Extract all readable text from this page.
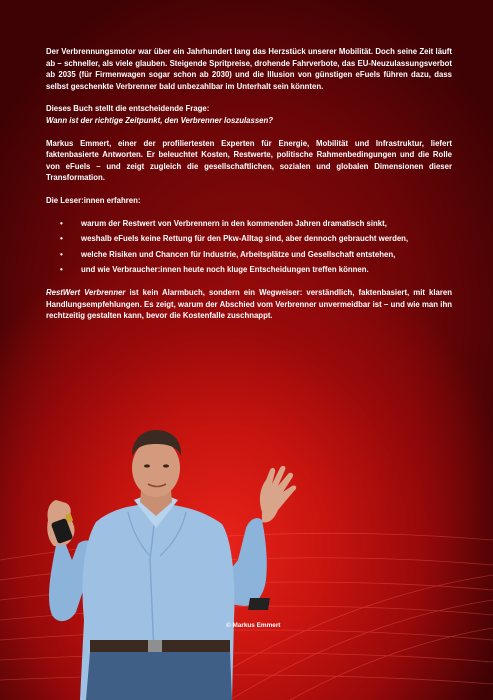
Der Verbrennungsmotor war über ein Jahrhundert lang das Herzstück unserer Mobilität. Doch seine Zeit läuft ab – schneller, als viele glauben. Steigende Spritpreise, drohende Fahrverbote, das EU-Neuzulassungsverbot ab 2035 (für Firmenwagen sogar schon ab 2030) und die Illusion von günstigen eFuels führen dazu, dass selbst geschenkte Verbrenner bald unbezahlbar im Unterhalt sein könnten.

Dieses Buch stellt die entscheidende Frage:
Wann ist der richtige Zeitpunkt, den Verbrenner loszulassen?

Markus Emmert, einer der profiliertesten Experten für Energie, Mobilität und Infrastruktur, liefert faktenbasierte Antworten. Er beleuchtet Kosten, Restwerte, politische Rahmenbedingungen und die Rolle von eFuels – und zeigt zugleich die gesellschaftlichen, sozialen und globalen Dimensionen dieser Transformation.

Die Leser:innen erfahren:

• warum der Restwert von Verbrennern in den kommenden Jahren dramatisch sinkt,
• weshalb eFuels keine Rettung für den Pkw-Alltag sind, aber dennoch gebraucht werden,
• welche Risiken und Chancen für Industrie, Arbeitsplätze und Gesellschaft entstehen,
• und wie Verbraucher:innen heute noch kluge Entscheidungen treffen können.

RestWert Verbrenner ist kein Alarmbuch, sondern ein Wegweiser: verständlich, faktenbasiert, mit klaren Handlungsempfehlungen. Es zeigt, warum der Abschied vom Verbrenner unvermeidbar ist – und wie man ihn rechtzeitig gestalten kann, bevor die Kostenfalle zuschnappt.

© Markus Emmert
